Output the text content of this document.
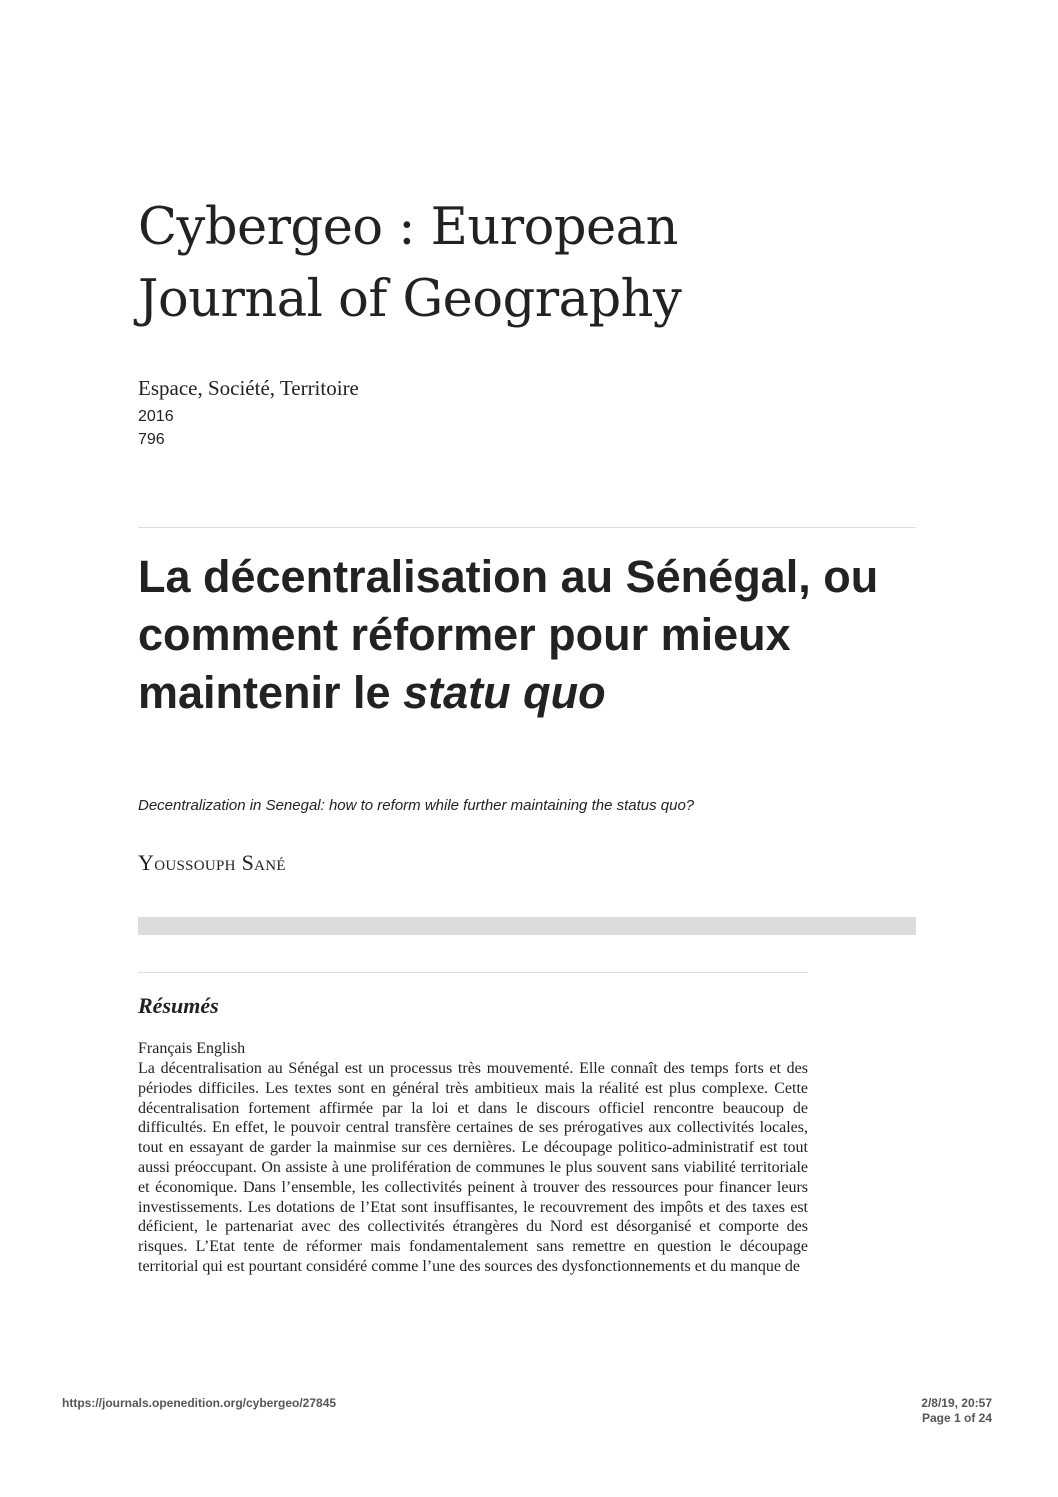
Cybergeo : European
Journal of Geography
Espace, Société, Territoire
2016
796
La décentralisation au Sénégal, ou comment réformer pour mieux maintenir le statu quo
Decentralization in Senegal: how to reform while further maintaining the status quo?
Youssouph Sané
Résumés
Français English

La décentralisation au Sénégal est un processus très mouvementé. Elle connaît des temps forts et des périodes difficiles. Les textes sont en général très ambitieux mais la réalité est plus complexe. Cette décentralisation fortement affirmée par la loi et dans le discours officiel rencontre beaucoup de difficultés. En effet, le pouvoir central transfère certaines de ses prérogatives aux collectivités locales, tout en essayant de garder la mainmise sur ces dernières. Le découpage politico-administratif est tout aussi préoccupant. On assiste à une prolifération de communes le plus souvent sans viabilité territoriale et économique. Dans l’ensemble, les collectivités peinent à trouver des ressources pour financer leurs investissements. Les dotations de l’Etat sont insuffisantes, le recouvrement des impôts et des taxes est déficient, le partenariat avec des collectivités étrangères du Nord est désorganisé et comporte des risques. L’Etat tente de réformer mais fondamentalement sans remettre en question le découpage territorial qui est pourtant considéré comme l’une des sources des dysfonctionnements et du manque de

https://journals.openedition.org/cybergeo/27845	2/8/19, 20:57
Page 1 of 24
